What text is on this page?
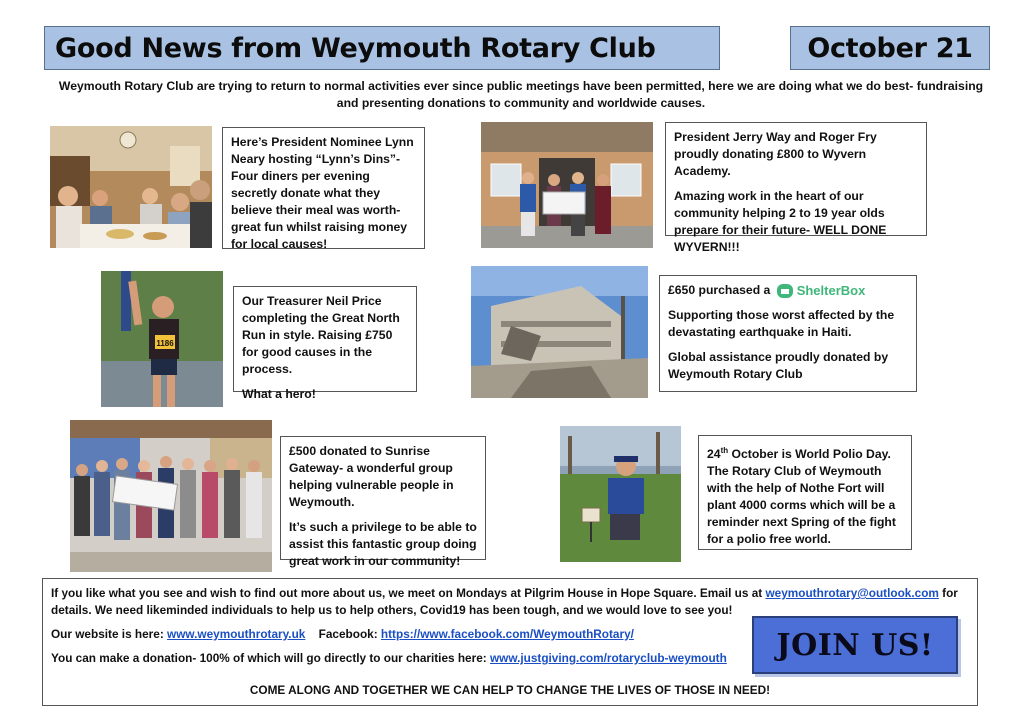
Good News from Weymouth Rotary Club	October 21
Weymouth Rotary Club are trying to return to normal activities ever since public meetings have been permitted, here we are doing what we do best- fundraising and presenting donations to community and worldwide causes.

Here’s President Nominee Lynn Neary hosting “Lynn’s Dins”- Four diners per evening secretly donate what they believe their meal was worth- great fun whilst raising money for local causes!

President Jerry Way and Roger Fry proudly donating £800 to Wyvern Academy.

Amazing work in the heart of our community helping 2 to 19 year olds prepare for their future- WELL DONE WYVERN!!!

1186

Our Treasurer Neil Price completing the Great North Run in style. Raising £750 for good causes in the process.

What a hero!

£650 purchased a ShelterBox

Supporting those worst affected by the devastating earthquake in Haiti.

Global assistance proudly donated by Weymouth Rotary Club

£500 donated to Sunrise Gateway- a wonderful group helping vulnerable people in Weymouth.

It’s such a privilege to be able to assist this fantastic group doing great work in our community!

24th October is World Polio Day. The Rotary Club of Weymouth with the help of Nothe Fort will plant 4000 corms which will be a reminder next Spring of the fight for a polio free world.

If you like what you see and wish to find out more about us, we meet on Mondays at Pilgrim House in Hope Square. Email us at weymouthrotary@outlook.com for details. We need likeminded individuals to help us to help others, Covid19 has been tough, and we would love to see you!
Our website is here: www.weymouthrotary.uk Facebook: https://www.facebook.com/WeymouthRotary/
You can make a donation- 100% of which will go directly to our charities here: www.justgiving.com/rotaryclub-weymouth
COME ALONG AND TOGETHER WE CAN HELP TO CHANGE THE LIVES OF THOSE IN NEED!
JOIN US!
